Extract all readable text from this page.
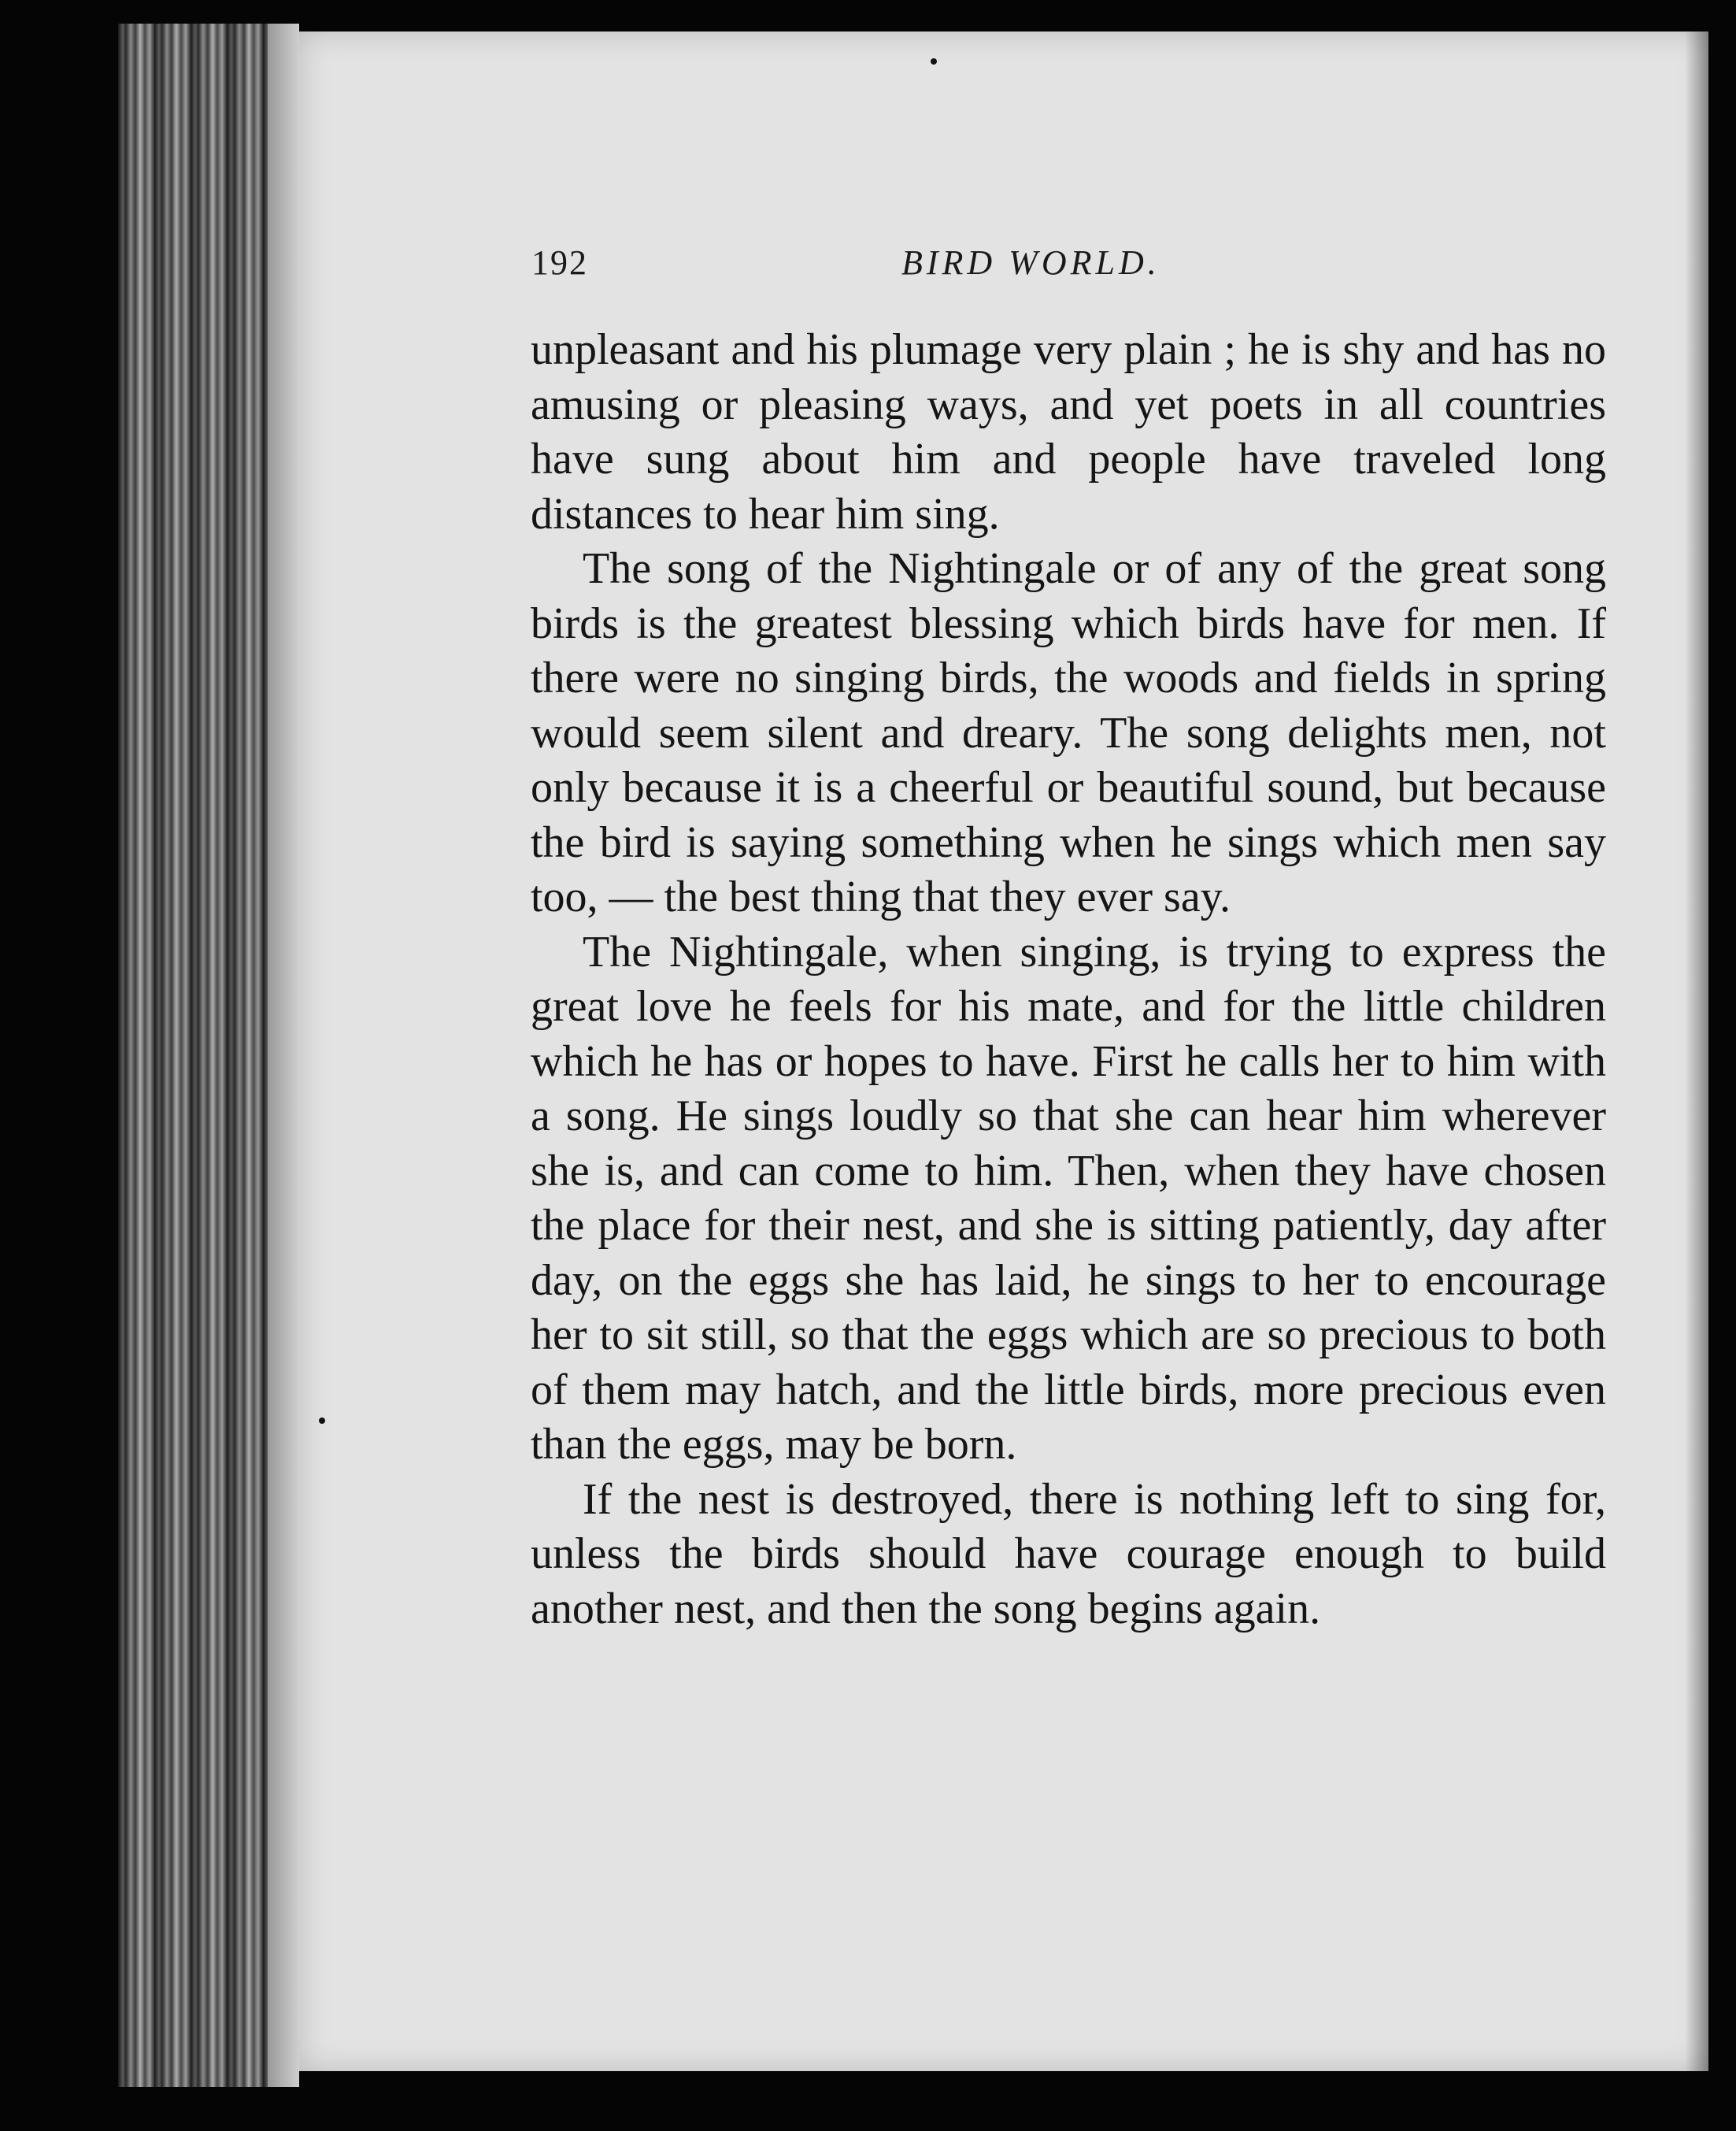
192	BIRD WORLD.

unpleasant and his plumage very plain ; he is shy and has no amusing or pleasing ways, and yet poets in all countries have sung about him and people have traveled long distances to hear him sing.

The song of the Nightingale or of any of the great song birds is the greatest blessing which birds have for men. If there were no singing birds, the woods and fields in spring would seem silent and dreary. The song delights men, not only because it is a cheerful or beautiful sound, but because the bird is saying something when he sings which men say too, — the best thing that they ever say.

The Nightingale, when singing, is trying to express the great love he feels for his mate, and for the little children which he has or hopes to have. First he calls her to him with a song. He sings loudly so that she can hear him wherever she is, and can come to him. Then, when they have chosen the place for their nest, and she is sitting patiently, day after day, on the eggs she has laid, he sings to her to encourage her to sit still, so that the eggs which are so precious to both of them may hatch, and the little birds, more precious even than the eggs, may be born.

If the nest is destroyed, there is nothing left to sing for, unless the birds should have courage enough to build another nest, and then the song begins again.
